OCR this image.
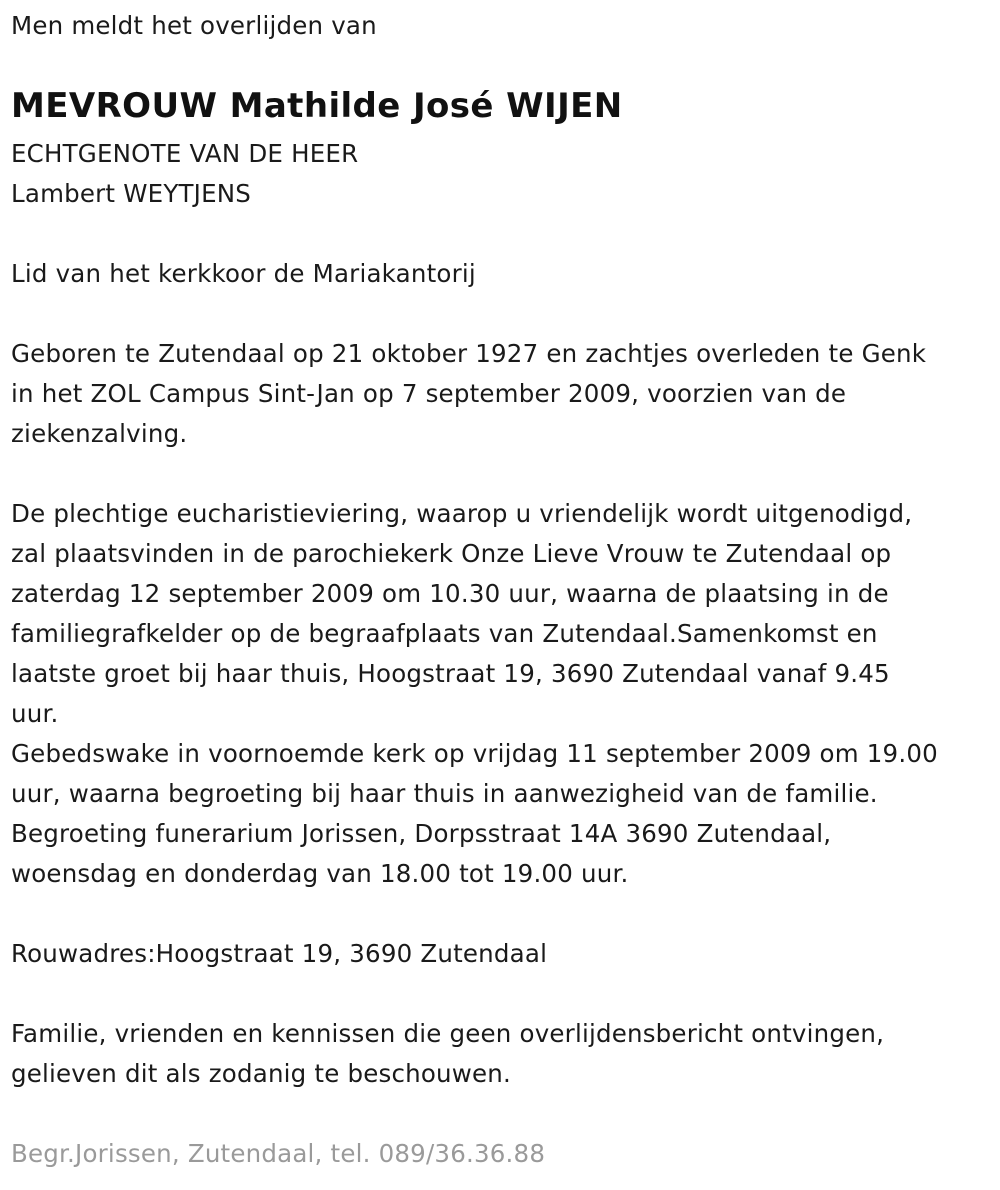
Men meldt het overlijden van
MEVROUW Mathilde José WIJEN
ECHTGENOTE VAN DE HEER
Lambert WEYTJENS
Lid van het kerkkoor de Mariakantorij
Geboren te Zutendaal op 21 oktober 1927 en zachtjes overleden te Genk
in het ZOL Campus Sint-Jan op 7 september 2009, voorzien van de
ziekenzalving.
De plechtige eucharistieviering, waarop u vriendelijk wordt uitgenodigd,
zal plaatsvinden in de parochiekerk Onze Lieve Vrouw te Zutendaal op
zaterdag 12 september 2009 om 10.30 uur, waarna de plaatsing in de
familiegrafkelder op de begraafplaats van Zutendaal.Samenkomst en
laatste groet bij haar thuis, Hoogstraat 19, 3690 Zutendaal vanaf 9.45
uur.
Gebedswake in voornoemde kerk op vrijdag 11 september 2009 om 19.00
uur, waarna begroeting bij haar thuis in aanwezigheid van de familie.
Begroeting funerarium Jorissen, Dorpsstraat 14A 3690 Zutendaal,
woensdag en donderdag van 18.00 tot 19.00 uur.
Rouwadres:Hoogstraat 19, 3690 Zutendaal
Familie, vrienden en kennissen die geen overlijdensbericht ontvingen,
gelieven dit als zodanig te beschouwen.
Begr.Jorissen, Zutendaal, tel. 089/36.36.88
